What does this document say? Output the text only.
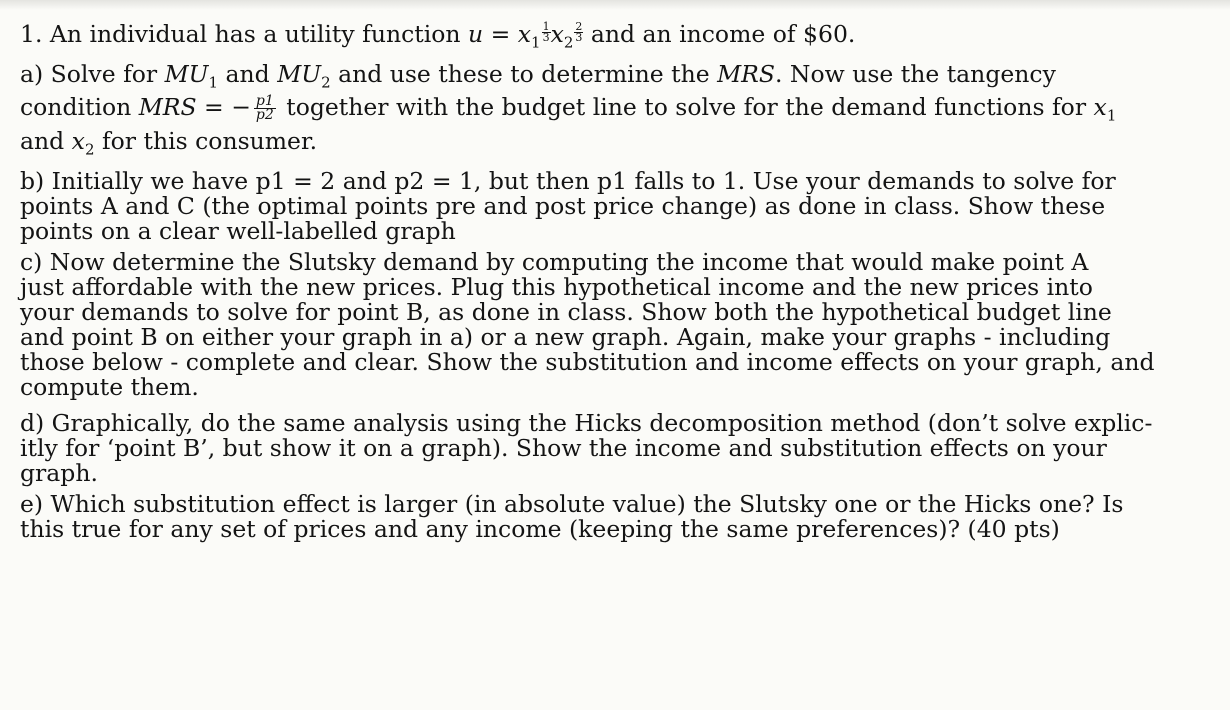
1. An individual has a utility function $u = x_1 \frac{1}{3} x_2 \frac{2}{3}$ and an income of $60.
a) Solve for $MU_1$ and $MU_2$ and use these to determine the MRS. Now use the tangency
condition MRS = − $\frac{p1}{p2}$ together with the budget line to solve for the demand functions for $x_1$
and $x_2$ for this consumer.
b) Initially we have p1 = 2 and p2 = 1, but then p1 falls to 1. Use your demands to solve for
points A and C (the optimal points pre and post price change) as done in class. Show these
points on a clear well-labelled graph
c) Now determine the Slutsky demand by computing the income that would make point A
just affordable with the new prices. Plug this hypothetical income and the new prices into
your demands to solve for point B, as done in class. Show both the hypothetical budget line
and point B on either your graph in a) or a new graph. Again, make your graphs - including
those below - complete and clear. Show the substitution and income effects on your graph, and
compute them.
d) Graphically, do the same analysis using the Hicks decomposition method (don’t solve explic-
itly for ‘point B’, but show it on a graph). Show the income and substitution effects on your
graph.
e) Which substitution effect is larger (in absolute value) the Slutsky one or the Hicks one? Is
this true for any set of prices and any income (keeping the same preferences)? (40 pts)
